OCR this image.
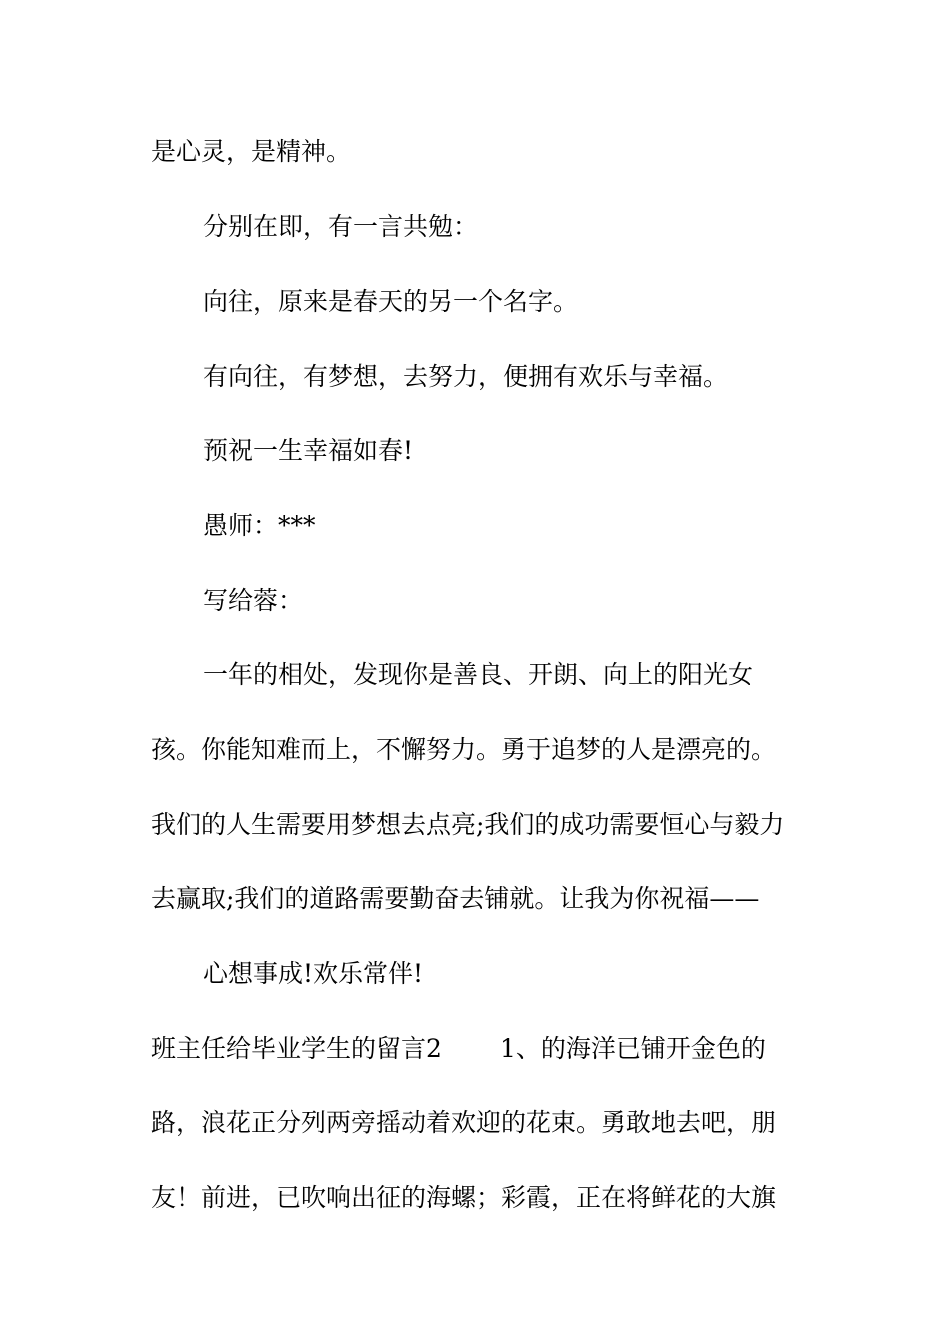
是心灵，是精神。

分别在即，有一言共勉：

向往，原来是春天的另一个名字。

有向往，有梦想，去努力，便拥有欢乐与幸福。

预祝一生幸福如春!

愚师：***

写给蓉：

一年的相处，发现你是善良、开朗、向上的阳光女

孩。你能知难而上，不懈努力。勇于追梦的人是漂亮的。

我们的人生需要用梦想去点亮;我们的成功需要恒心与毅力

去赢取;我们的道路需要勤奋去铺就。让我为你祝福——

心想事成!欢乐常伴!

班主任给毕业学生的留言2 1、的海洋已铺开金色的

路，浪花正分列两旁摇动着欢迎的花束。勇敢地去吧，朋

友！前进，已吹响出征的海螺；彩霞，正在将鲜花的大旗
